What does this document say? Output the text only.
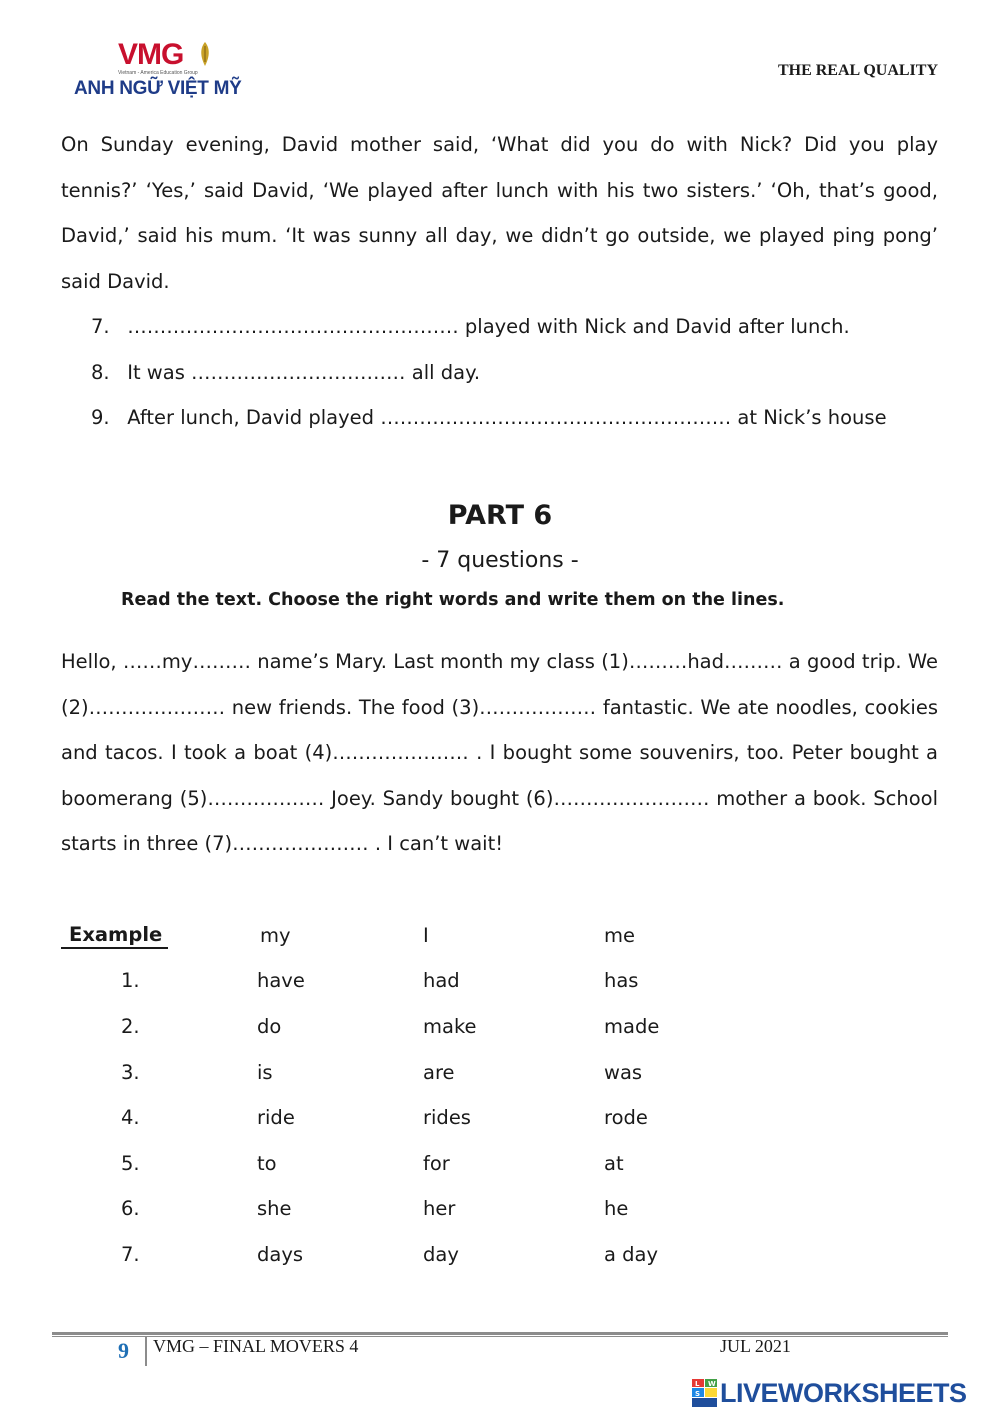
VMG
Vietnam - America Education Group
ANH NGỮ VIỆT MỸ
THE REAL QUALITY
On Sunday evening, David mother said, ‘What did you do with Nick? Did you play tennis?’ ‘Yes,’ said David, ‘We played after lunch with his two sisters.’ ‘Oh, that’s good, David,’ said his mum. ‘It was sunny all day, we didn’t go outside, we played ping pong’ said David.
7. …………………………………………… played with Nick and David after lunch.
8. It was …………………………… all day.
9. After lunch, David played ……………………………………………… at Nick’s house
PART 6
- 7 questions -
Read the text. Choose the right words and write them on the lines.
Hello, ……my……… name’s Mary. Last month my class (1)………had……… a good trip. We (2)………………… new friends. The food (3)……………… fantastic. We ate noodles, cookies and tacos. I took a boat (4)………………… . I bought some souvenirs, too. Peter bought a boomerang (5)……………… Joey. Sandy bought (6)…………………… mother a book. School starts in three (7)………………… . I can’t wait!
Example	my	I	me
1.	have	had	has
2.	do	make	made
3.	is	are	was
4.	ride	rides	rode
5.	to	for	at
6.	she	her	he
7.	days	day	a day
9 VMG – FINAL MOVERS 4	JUL 2021
L W
S LIVEWORKSHEETS
